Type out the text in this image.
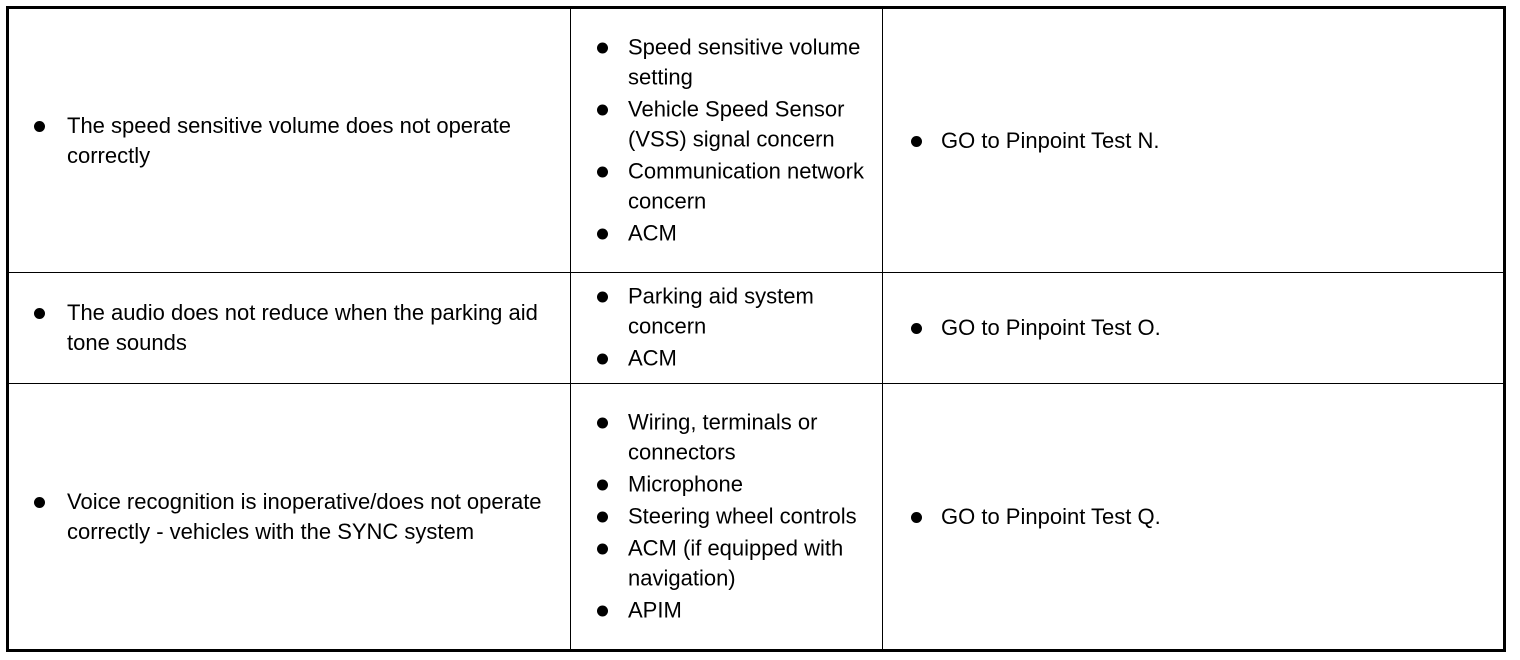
The speed sensitive volume does not operate correctly
Speed sensitive volume setting
Vehicle Speed Sensor (VSS) signal concern
Communication network concern
ACM
GO to Pinpoint Test N.
The audio does not reduce when the parking aid tone sounds
Parking aid system concern
ACM
GO to Pinpoint Test O.
Voice recognition is inoperative/does not operate correctly - vehicles with the SYNC system
Wiring, terminals or connectors
Microphone
Steering wheel controls
ACM (if equipped with navigation)
APIM
GO to Pinpoint Test Q.
